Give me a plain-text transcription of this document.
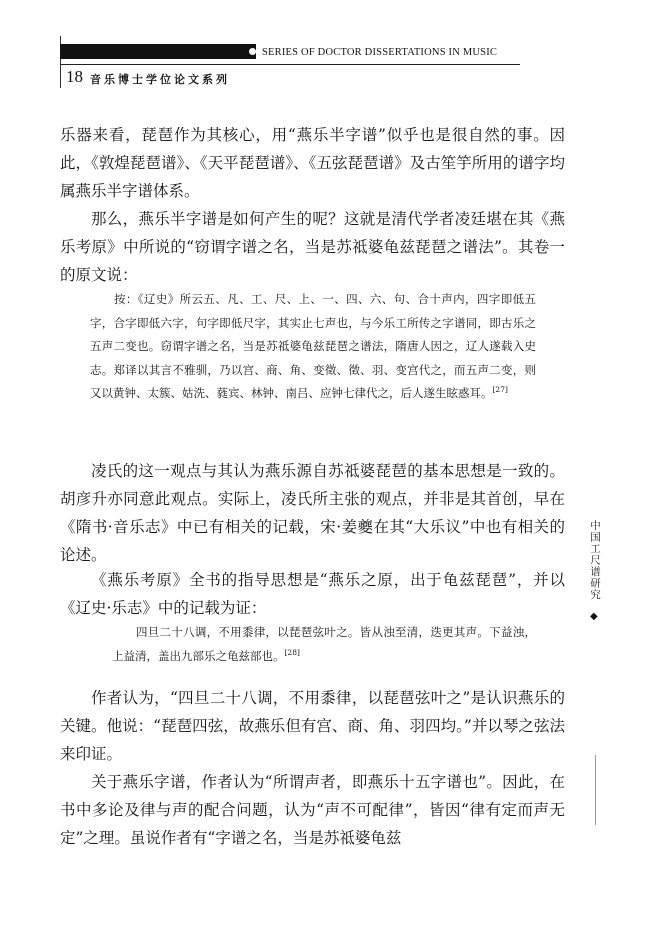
SERIES OF DOCTOR DISSERTATIONS IN MUSIC
18 音乐博士学位论文系列

乐器来看，琵琶作为其核心，用“燕乐半字谱”似乎也是很自然的事。因此，《敦煌琵琶谱》、《天平琵琶谱》、《五弦琵琶谱》及古笙竽所用的谱字均属燕乐半字谱体系。

那么，燕乐半字谱是如何产生的呢？这就是清代学者凌廷堪在其《燕乐考原》中所说的“窃谓字谱之名，当是苏祗婆龟兹琵琶之谱法”。其卷一的原文说：

按：《辽史》所云五、凡、工、尺、上、一、四、六、句、合十声内，四字即低五字，合字即低六字，句字即低尺字，其实止七声也，与今乐工所传之字谱同，即古乐之五声二变也。窃谓字谱之名，当是苏祗婆龟兹琵琶之谱法，隋唐人因之，辽人遂载入史志。郑译以其言不雅驯，乃以宫、商、角、变徵、徵、羽、变宫代之，而五声二变，则又以黄钟、太簇、姑洗、蕤宾、林钟、南吕、应钟七律代之，后人遂生眩惑耳。[27]

凌氏的这一观点与其认为燕乐源自苏祗婆琵琶的基本思想是一致的。胡彦升亦同意此观点。实际上，凌氏所主张的观点，并非是其首创，早在《隋书·音乐志》中已有相关的记载，宋·姜夔在其“大乐议”中也有相关的论述。

《燕乐考原》全书的指导思想是“燕乐之原，出于龟兹琵琶”，并以《辽史·乐志》中的记载为证：

四旦二十八调，不用黍律，以琵琶弦叶之。皆从浊至清，迭更其声。下益浊，上益清，盖出九部乐之龟兹部也。[28]

作者认为，“四旦二十八调，不用黍律，以琵琶弦叶之”是认识燕乐的关键。他说：“琵琶四弦，故燕乐但有宫、商、角、羽四均。”并以琴之弦法来印证。

关于燕乐字谱，作者认为“所谓声者，即燕乐十五字谱也”。因此，在书中多论及律与声的配合问题，认为“声不可配律”，皆因“律有定而声无定”之理。虽说作者有“字谱之名，当是苏祗婆龟兹

中国工尺谱研究
◆
